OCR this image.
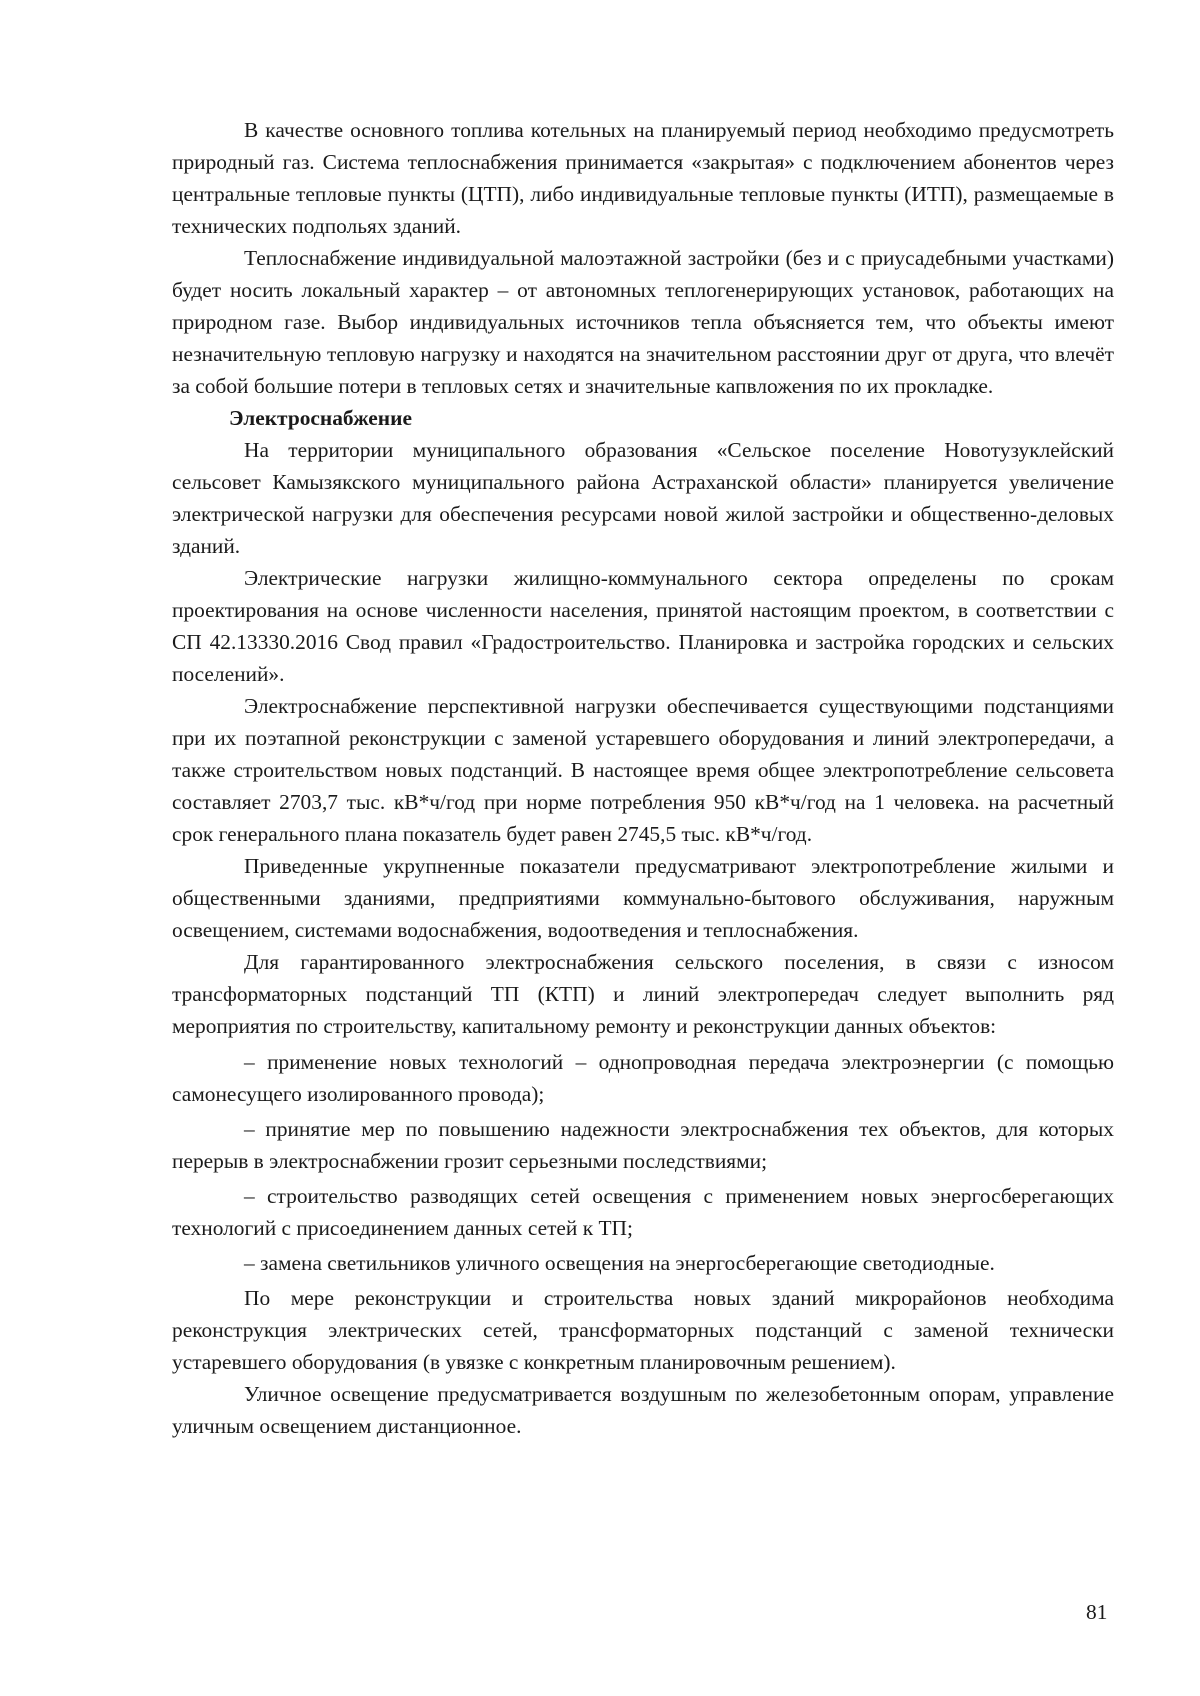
В качестве основного топлива котельных на планируемый период необходимо предусмотреть природный газ. Система теплоснабжения принимается «закрытая» с подключением абонентов через центральные тепловые пункты (ЦТП), либо индивидуальные тепловые пункты (ИТП), размещаемые в технических подпольях зданий.

Теплоснабжение индивидуальной малоэтажной застройки (без и с приусадебными участками) будет носить локальный характер – от автономных теплогенерирующих установок, работающих на природном газе. Выбор индивидуальных источников тепла объясняется тем, что объекты имеют незначительную тепловую нагрузку и находятся на значительном расстоянии друг от друга, что влечёт за собой большие потери в тепловых сетях и значительные капвложения по их прокладке.

Электроснабжение

На территории муниципального образования «Сельское поселение Новотузуклейский сельсовет Камызякского муниципального района Астраханской области» планируется увеличение электрической нагрузки для обеспечения ресурсами новой жилой застройки и общественно-деловых зданий.

Электрические нагрузки жилищно-коммунального сектора определены по срокам проектирования на основе численности населения, принятой настоящим проектом, в соответствии с СП 42.13330.2016 Свод правил «Градостроительство. Планировка и застройка городских и сельских поселений».

Электроснабжение перспективной нагрузки обеспечивается существующими подстанциями при их поэтапной реконструкции с заменой устаревшего оборудования и линий электропередачи, а также строительством новых подстанций. В настоящее время общее электропотребление сельсовета составляет 2703,7 тыс. кВ*ч/год при норме потребления 950 кВ*ч/год на 1 человека. на расчетный срок генерального плана показатель будет равен 2745,5 тыс. кВ*ч/год.

Приведенные укрупненные показатели предусматривают электропотребление жилыми и общественными зданиями, предприятиями коммунально-бытового обслуживания, наружным освещением, системами водоснабжения, водоотведения и теплоснабжения.

Для гарантированного электроснабжения сельского поселения, в связи с износом трансформаторных подстанций ТП (КТП) и линий электропередач следует выполнить ряд мероприятия по строительству, капитальному ремонту и реконструкции данных объектов:

– применение новых технологий – однопроводная передача электроэнергии (с помощью самонесущего изолированного провода);

– принятие мер по повышению надежности электроснабжения тех объектов, для которых перерыв в электроснабжении грозит серьезными последствиями;

– строительство разводящих сетей освещения с применением новых энергосберегающих технологий с присоединением данных сетей к ТП;

– замена светильников уличного освещения на энергосберегающие светодиодные.

По мере реконструкции и строительства новых зданий микрорайонов необходима реконструкция электрических сетей, трансформаторных подстанций с заменой технически устаревшего оборудования (в увязке с конкретным планировочным решением).

Уличное освещение предусматривается воздушным по железобетонным опорам, управление уличным освещением дистанционное.

81
